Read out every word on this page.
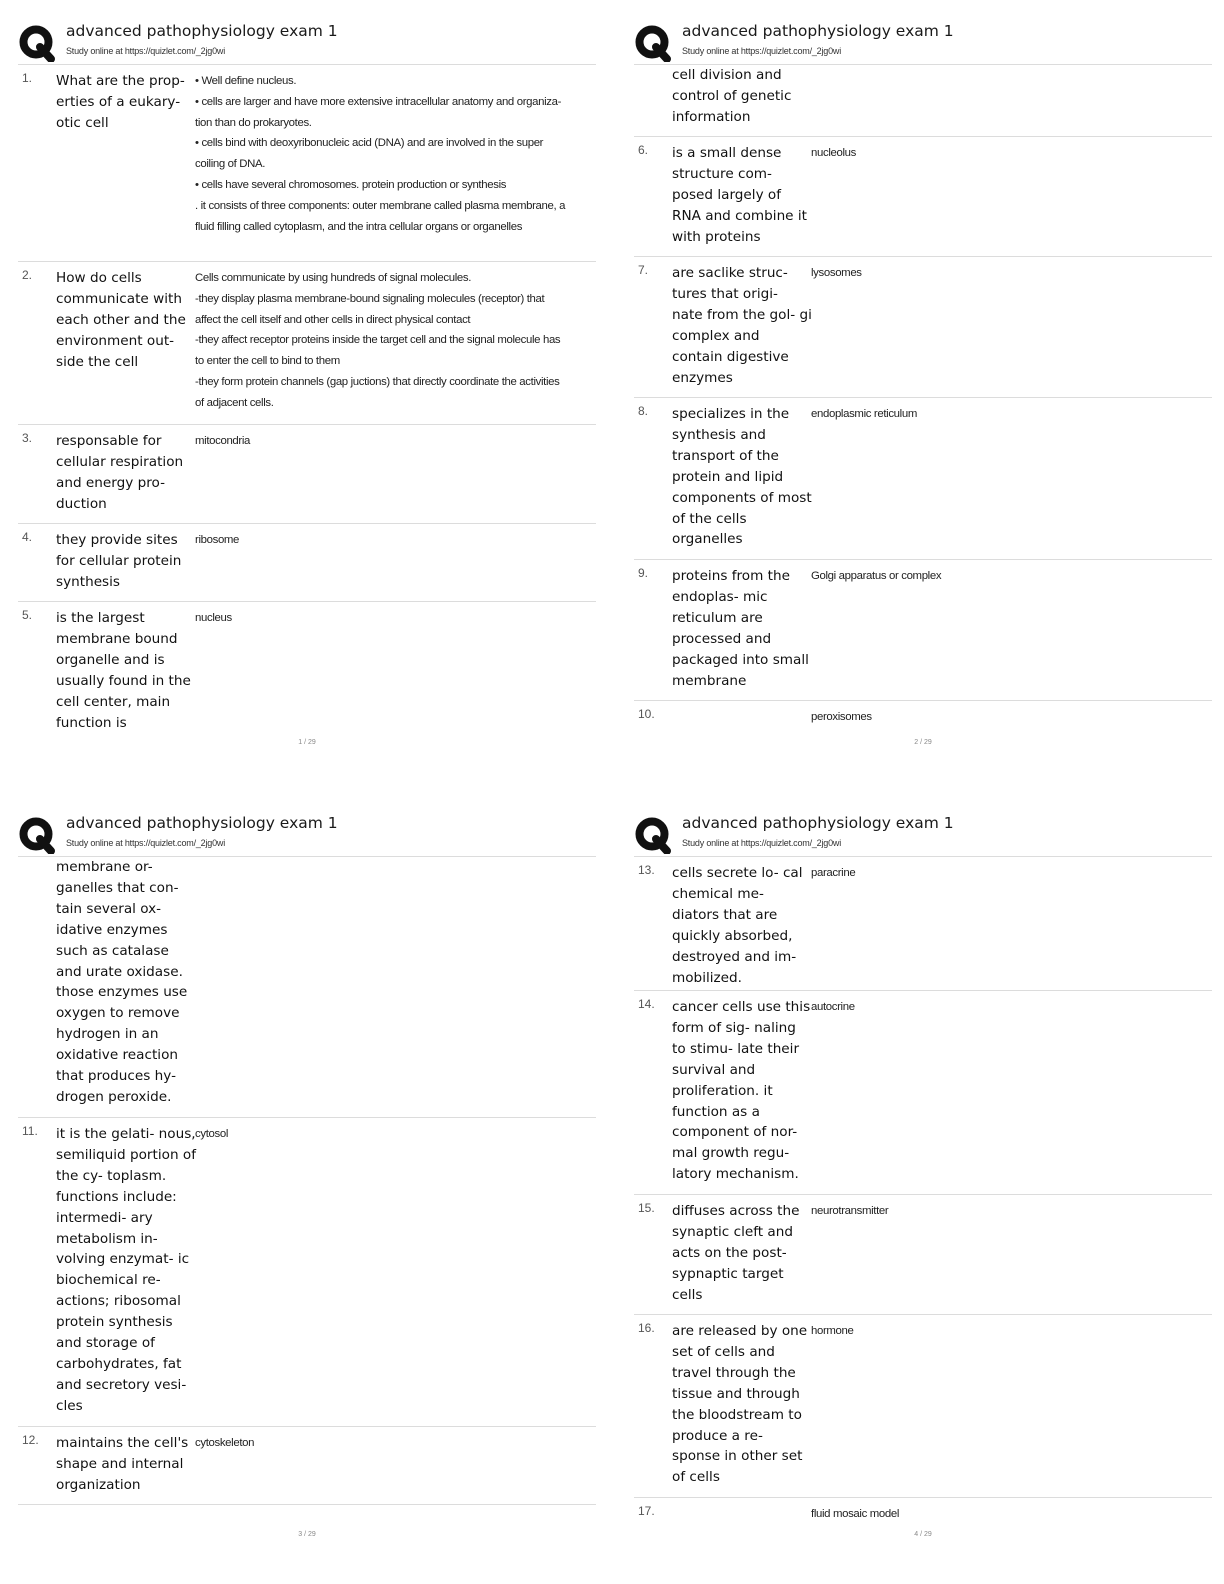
advanced pathophysiology exam 1
Study online at https://quizlet.com/_2jg0wi
1. What are the prop- erties of a eukary- otic cell
• Well define nucleus.
• cells are larger and have more extensive intracellular anatomy and organiza-
tion than do prokaryotes.
• cells bind with deoxyribonucleic acid (DNA) and are involved in the super
coiling of DNA.
• cells have several chromosomes. protein production or synthesis
. it consists of three components: outer membrane called plasma membrane, a
fluid filling called cytoplasm, and the intra cellular organs or organelles
2. How do cells communicate with each other and the environment out- side the cell
Cells communicate by using hundreds of signal molecules.
-they display plasma membrane-bound signaling molecules (receptor) that
affect the cell itself and other cells in direct physical contact
-they affect receptor proteins inside the target cell and the signal molecule has
to enter the cell to bind to them
-they form protein channels (gap juctions) that directly coordinate the activities
of adjacent cells.
3. responsable for cellular respiration and energy pro- duction
mitocondria
4. they provide sites for cellular protein synthesis
ribosome
5. is the largest membrane bound organelle and is usually found in the cell center, main function is
nucleus
1 / 29
advanced pathophysiology exam 1
Study online at https://quizlet.com/_2jg0wi
cell division and control of genetic information
6. is a small dense structure com- posed largely of RNA and combine it with proteins
nucleolus
7. are saclike struc- tures that origi- nate from the gol- gi complex and contain digestive enzymes
lysosomes
8. specializes in the synthesis and transport of the protein and lipid components of most of the cells organelles
endoplasmic reticulum
9. proteins from the endoplas- mic reticulum are processed and packaged into small membrane
Golgi apparatus or complex
10.	peroxisomes
2 / 29
advanced pathophysiology exam 1
Study online at https://quizlet.com/_2jg0wi
membrane or- ganelles that con- tain several ox- idative enzymes such as catalase and urate oxidase. those enzymes use oxygen to remove hydrogen in an oxidative reaction that produces hy- drogen peroxide.
11. it is the gelati- nous, semiliquid portion of the cy- toplasm. functions include: intermedi- ary metabolism in- volving enzymat- ic biochemical re- actions; ribosomal protein synthesis and storage of carbohydrates, fat and secretory vesi- cles
cytosol
12. maintains the cell's shape and internal organization
cytoskeleton
3 / 29
advanced pathophysiology exam 1
Study online at https://quizlet.com/_2jg0wi
13. cells secrete lo- cal chemical me- diators that are quickly absorbed, destroyed and im- mobilized.
paracrine
14. cancer cells use this form of sig- naling to stimu- late their survival and proliferation. it function as a component of nor- mal growth regu- latory mechanism.
autocrine
15. diffuses across the synaptic cleft and acts on the post- sypnaptic target cells
neurotransmitter
16. are released by one set of cells and travel through the tissue and through the bloodstream to produce a re- sponse in other set of cells
hormone
17.	fluid mosaic model
4 / 29
